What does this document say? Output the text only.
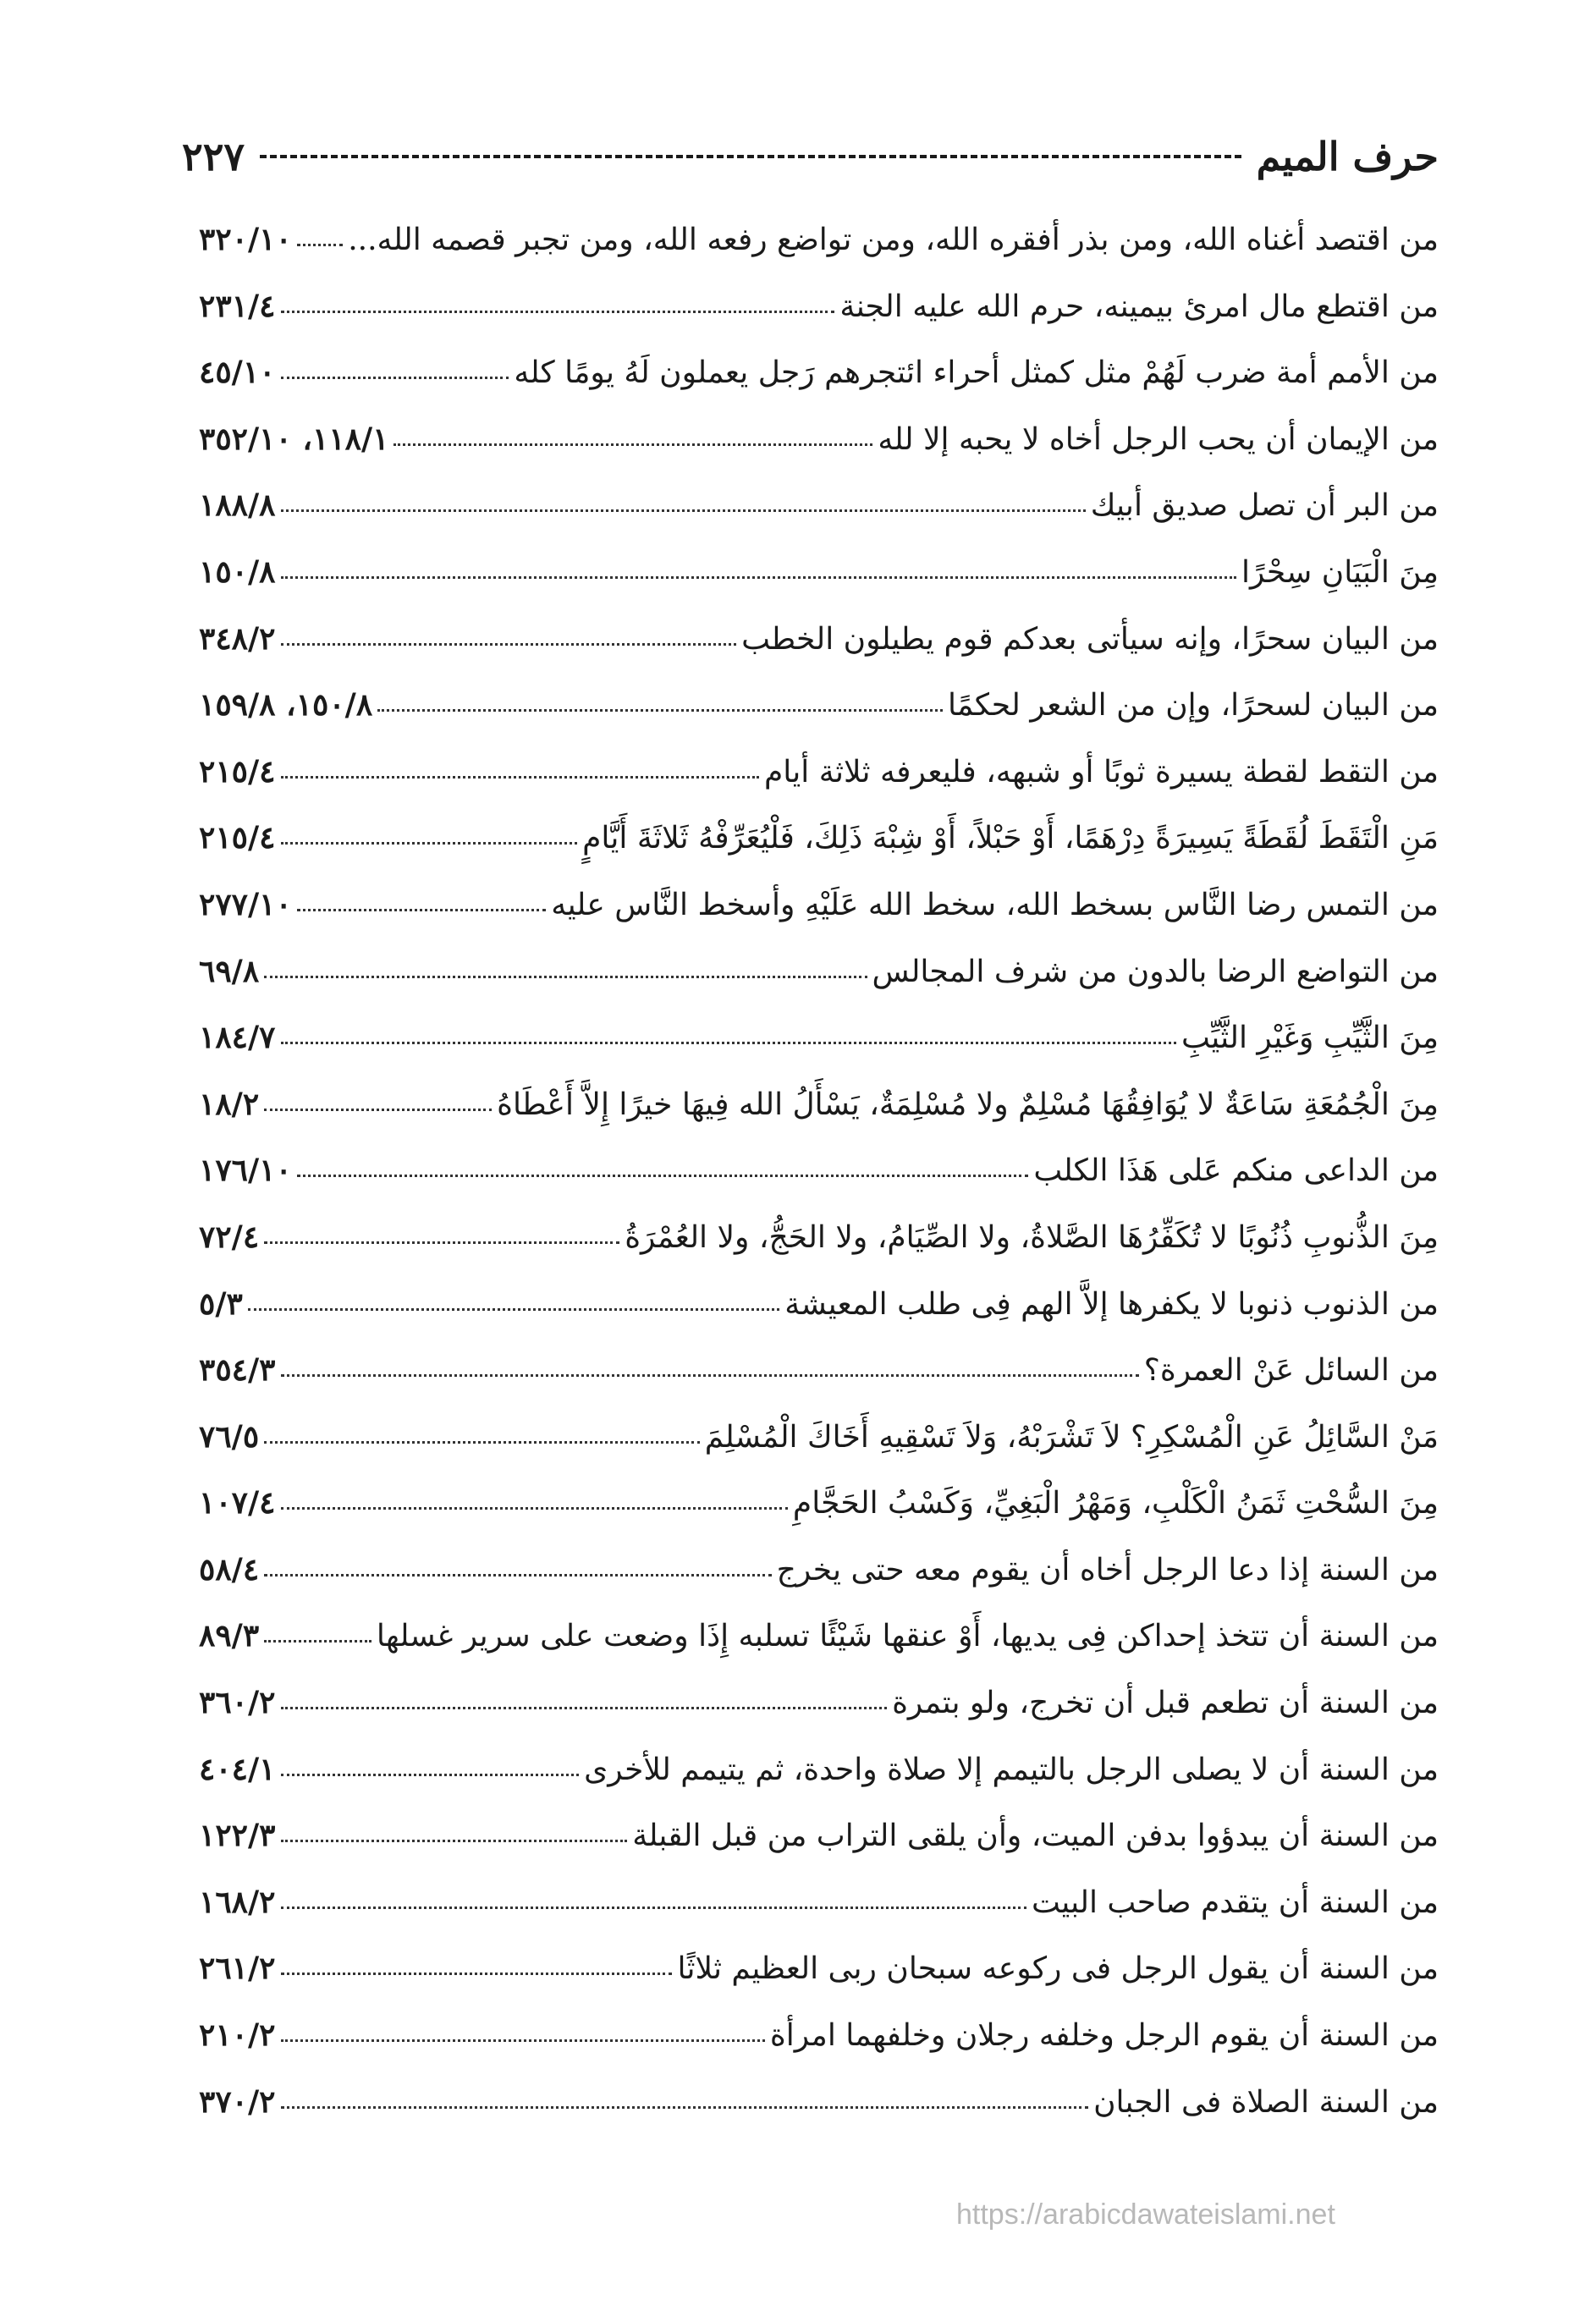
حرف الميم
٢٢٧
من اقتصد أغناه الله، ومن بذر أفقره الله، ومن تواضع رفعه الله، ومن تجبر قصمه الله...
٣٢٠/١٠
من اقتطع مال امرئ بيمينه، حرم الله عليه الجنة
٢٣١/٤
من الأمم أمة ضرب لَهُمْ مثل كمثل أحراء ائتجرهم رَجل يعملون لَهُ يومًا كله
٤٥/١٠
من الإيمان أن يحب الرجل أخاه لا يحبه إلا لله
١١٨/١، ٣٥٢/١٠
من البر أن تصل صديق أبيك
١٨٨/٨
مِنَ الْبَيَانِ سِحْرًا
١٥٠/٨
من البيان سحرًا، وإنه سيأتى بعدكم قوم يطيلون الخطب
٣٤٨/٢
من البيان لسحرًا، وإن من الشعر لحكمًا
١٥٠/٨، ١٥٩/٨
من التقط لقطة يسيرة ثوبًا أو شبهه، فليعرفه ثلاثة أيام
٢١٥/٤
مَنِ الْتَقَطَ لُقَطَةً يَسِيرَةً دِرْهَمًا، أَوْ حَبْلاً، أَوْ شِبْهَ ذَلِكَ، فَلْيُعَرِّفْهُ ثَلاثَةَ أَيَّامٍ
٢١٥/٤
من التمس رضا النَّاس بسخط الله، سخط الله عَلَيْهِ وأسخط النَّاس عليه
٢٧٧/١٠
من التواضع الرضا بالدون من شرف المجالس
٦٩/٨
مِنَ الثَّيِّبِ وَغَيْرِ الثَّيِّبِ
١٨٤/٧
مِنَ الْجُمُعَةِ سَاعَةٌ لا يُوَافِقُهَا مُسْلِمٌ ولا مُسْلِمَةٌ، يَسْأَلُ الله فِيهَا خيرًا إِلاَّ أَعْطَاهُ
١٨/٢
من الداعى منكم عَلى هَذَا الكلب
١٧٦/١٠
مِنَ الذُّنوبِ ذُنُوبًا لا تُكَفِّرُهَا الصَّلاةُ، ولا الصِّيَامُ، ولا الحَجُّ، ولا العُمْرَةُ
٧٢/٤
من الذنوب ذنوبا لا يكفرها إلاَّ الهم فِى طلب المعيشة
٥/٣
من السائل عَنْ العمرة؟
٣٥٤/٣
مَنْ السَّائِلُ عَنِ الْمُسْكِرِ؟ لاَ تَشْرَبْهُ، وَلاَ تَسْقِيهِ أَخَاكَ الْمُسْلِمَ
٧٦/٥
مِنَ السُّحْتِ ثَمَنُ الْكَلْبِ، وَمَهْرُ الْبَغِيِّ، وَكَسْبُ الحَجَّامِ
١٠٧/٤
من السنة إذا دعا الرجل أخاه أن يقوم معه حتى يخرج
٥٨/٤
من السنة أن تتخذ إحداكن فِى يديها، أَوْ عنقها شَيْئًا تسلبه إِذَا وضعت على سرير غسلها
٨٩/٣
من السنة أن تطعم قبل أن تخرج، ولو بتمرة
٣٦٠/٢
من السنة أن لا يصلى الرجل بالتيمم إلا صلاة واحدة، ثم يتيمم للأخرى
٤٠٤/١
من السنة أن يبدؤوا بدفن الميت، وأن يلقى التراب من قبل القبلة
١٢٢/٣
من السنة أن يتقدم صاحب البيت
١٦٨/٢
من السنة أن يقول الرجل فى ركوعه سبحان ربى العظيم ثلاثًا
٢٦١/٢
من السنة أن يقوم الرجل وخلفه رجلان وخلفهما امرأة
٢١٠/٢
من السنة الصلاة فى الجبان
٣٧٠/٢
https://arabicdawateislami.net
